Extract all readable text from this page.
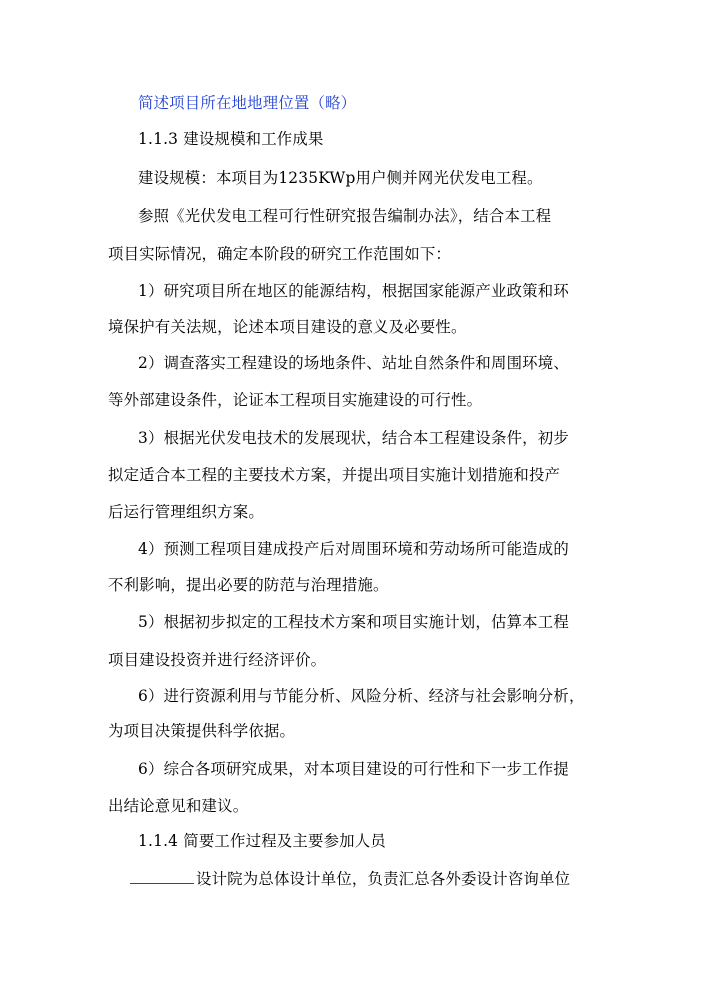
简述项目所在地地理位置（略）
1.1.3 建设规模和工作成果
建设规模：本项目为1235KWp用户侧并网光伏发电工程。
参照《光伏发电工程可行性研究报告编制办法》，结合本工程
项目实际情况，确定本阶段的研究工作范围如下：
1）研究项目所在地区的能源结构，根据国家能源产业政策和环
境保护有关法规，论述本项目建设的意义及必要性。
2）调查落实工程建设的场地条件、站址自然条件和周围环境、
等外部建设条件，论证本工程项目实施建设的可行性。
3）根据光伏发电技术的发展现状，结合本工程建设条件，初步
拟定适合本工程的主要技术方案，并提出项目实施计划措施和投产
后运行管理组织方案。
4）预测工程项目建成投产后对周围环境和劳动场所可能造成的
不利影响，提出必要的防范与治理措施。
5）根据初步拟定的工程技术方案和项目实施计划，估算本工程
项目建设投资并进行经济评价。
6）进行资源利用与节能分析、风险分析、经济与社会影响分析，
为项目决策提供科学依据。
6）综合各项研究成果，对本项目建设的可行性和下一步工作提
出结论意见和建议。
1.1.4 简要工作过程及主要参加人员
设计院为总体设计单位，负责汇总各外委设计咨询单位
